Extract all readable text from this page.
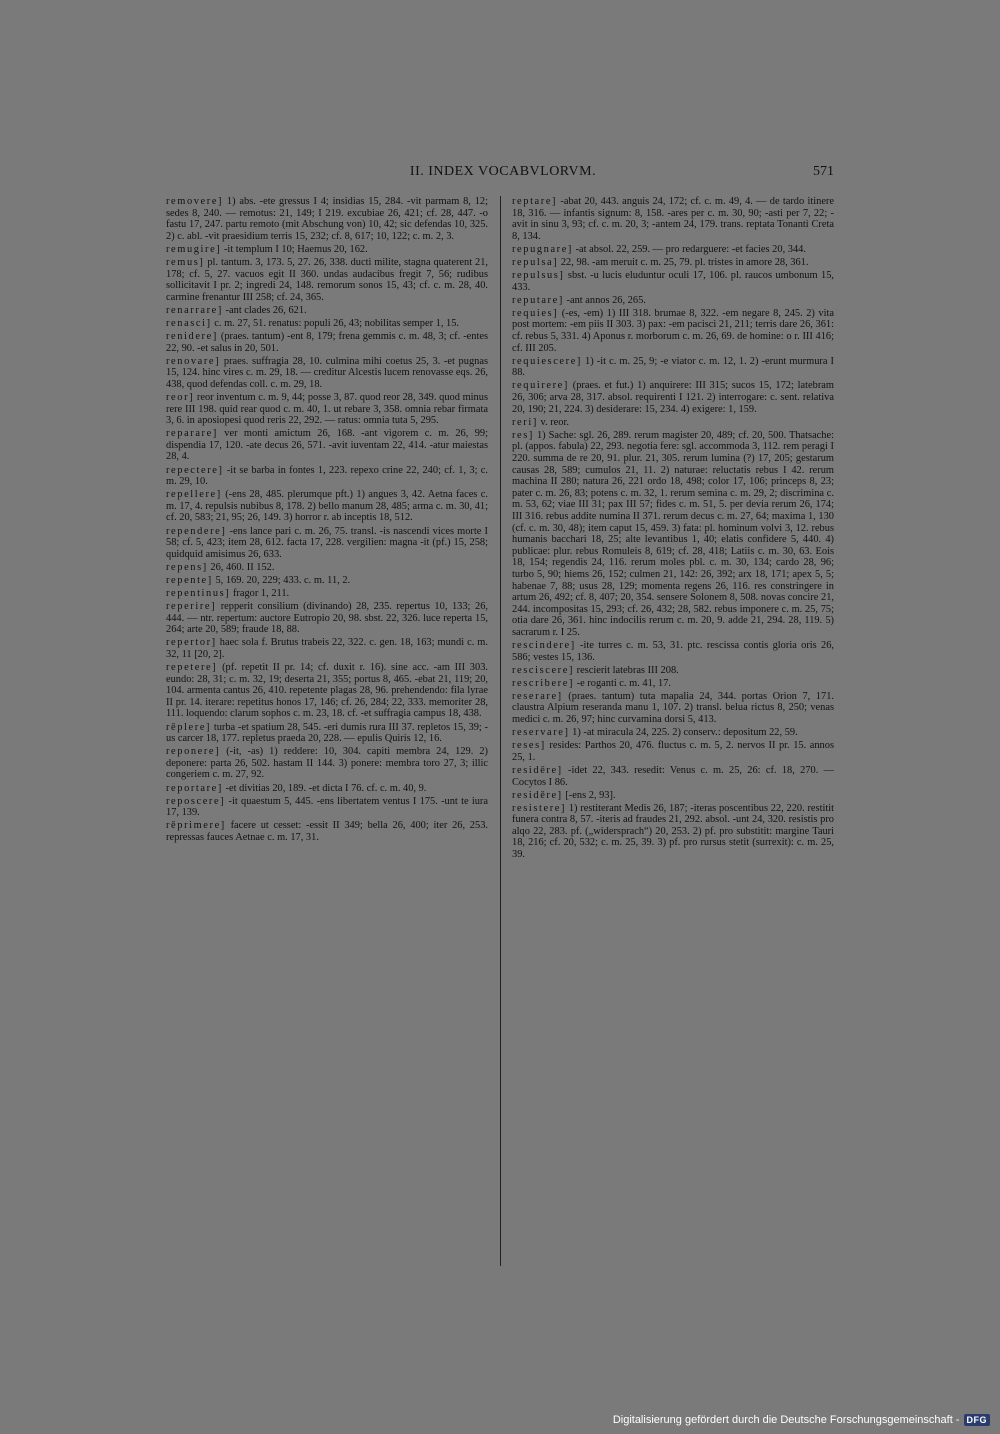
II. INDEX VOCABVLORVM.	571

removere] 1) abs. -ete gressus I 4; insidias 15, 284. -vit parmam 8, 12; sedes 8, 240. — remotus: 21, 149; I 219. excubiae 26, 421; cf. 28, 447. -o fastu 17, 247. partu remoto (mit Abschung von) 10, 42; sic defendas 10, 325. 2) c. abl. -vit praesidium terris 15, 232; cf. 8, 617; 10, 122; c. m. 2, 3.

remugire] -it templum I 10; Haemus 20, 162.

remus] pl. tantum. 3, 173. 5, 27. 26, 338. ducti milite, stagna quaterent 21, 178; cf. 5, 27. vacuos egit II 360. undas audacibus fregit 7, 56; rudibus sollicitavit I pr. 2; ingredi 24, 148. remorum sonos 15, 43; cf. c. m. 28, 40. carmine frenantur III 258; cf. 24, 365.

renarrare] -ant clades 26, 621.

renasci] c. m. 27, 51. renatus: populi 26, 43; nobilitas semper 1, 15.

renidere] (praes. tantum) -ent 8, 179; frena gemmis c. m. 48, 3; cf. -entes 22, 90. -et salus in 20, 501.

renovare] praes. suffragia 28, 10. culmina mihi coetus 25, 3. -et pugnas 15, 124. hinc vires c. m. 29, 18. — creditur Alcestis lucem renovasse eqs. 26, 438, quod defendas coll. c. m. 29, 18.

reor] reor inventum c. m. 9, 44; posse 3, 87. quod reor 28, 349. quod minus rere III 198. quid rear quod c. m. 40, 1. ut rebare 3, 358. omnia rebar firmata 3, 6. in aposiopesi quod reris 22, 292. — ratus: omnia tuta 5, 295.

reparare] ver monti amictum 26, 168. -ant vigorem c. m. 26, 99; dispendia 17, 120. -ate decus 26, 571. -avit iuventam 22, 414. -atur maiestas 28, 4.

repectere] -it se barba in fontes 1, 223. repexo crine 22, 240; cf. 1, 3; c. m. 29, 10.

repellere] (-ens 28, 485. plerumque pft.) 1) angues 3, 42. Aetna faces c. m. 17, 4. repulsis nubibus 8, 178. 2) bello manum 28, 485; arma c. m. 30, 41; cf. 20, 583; 21, 95; 26, 149. 3) horror r. ab inceptis 18, 512.

rependere] -ens lance pari c. m. 26, 75. transl. -is nascendi vices morte I 58; cf. 5, 423; item 28, 612. facta 17, 228. vergilien: magna -it (pf.) 15, 258; quidquid amisimus 26, 633.

repens] 26, 460. II 152.

repente] 5, 169. 20, 229; 433. c. m. 11, 2.

repentinus] fragor 1, 211.

reperire] repperit consilium (divinando) 28, 235. repertus 10, 133; 26, 444. — ntr. repertum: auctore Eutropio 20, 98. sbst. 22, 326. luce reperta 15, 264; arte 20, 589; fraude 18, 88.

repertor] haec sola f. Brutus trabeis 22, 322. c. gen. 18, 163; mundi c. m. 32, 11 [20, 2].

repetere] (pf. repetit II pr. 14; cf. duxit r. 16). sine acc. -am III 303. eundo: 28, 31; c. m. 32, 19; deserta 21, 355; portus 8, 465. -ebat 21, 119; 20, 104. armenta cantus 26, 410. repetente plagas 28, 96. prehendendo: fila lyrae II pr. 14. iterare: repetitus honos 17, 146; cf. 26, 284; 22, 333. memoriter 28, 111. loquendo: clarum sophos c. m. 23, 18. cf. -et suffragia campus 18, 438.

rēplere] turba -et spatium 28, 545. -eri dumis rura III 37. repletos 15, 39; -us carcer 18, 177. repletus praeda 20, 228. — epulis Quiris 12, 16.

reponere] (-it, -as) 1) reddere: 10, 304. capiti membra 24, 129. 2) deponere: parta 26, 502. hastam II 144. 3) ponere: membra toro 27, 3; illic congeriem c. m. 27, 92.

reportare] -et divitias 20, 189. -et dicta I 76. cf. c. m. 40, 9.

reposcere] -it quaestum 5, 445. -ens libertatem ventus I 175. -unt te iura 17, 139.

rěprimere] facere ut cesset: -essit II 349; bella 26, 400; iter 26, 253. repressas fauces Aetnae c. m. 17, 31.

reptare] -abat 20, 443. anguis 24, 172; cf. c. m. 49, 4. — de tardo itinere 18, 316. — infantis signum: 8, 158. -ares per c. m. 30, 90; -asti per 7, 22; -avit in sinu 3, 93; cf. c. m. 20, 3; -antem 24, 179. trans. reptata Tonanti Creta 8, 134.

repugnare] -at absol. 22, 259. — pro redarguere: -et facies 20, 344.

repulsa] 22, 98. -am meruit c. m. 25, 79. pl. tristes in amore 28, 361.

repulsus] sbst. -u lucis eluduntur oculi 17, 106. pl. raucos umbonum 15, 433.

reputare] -ant annos 26, 265.

requies] (-es, -em) 1) III 318. brumae 8, 322. -em negare 8, 245. 2) vita post mortem: -em piis II 303. 3) pax: -em pacisci 21, 211; terris dare 26, 361: cf. rebus 5, 331. 4) Aponus r. morborum c. m. 26, 69. de homine: o r. III 416; cf. III 205.

requiescere] 1) -it c. m. 25, 9; -e viator c. m. 12, 1. 2) -erunt murmura I 88.

requirere] (praes. et fut.) 1) anquirere: III 315; sucos 15, 172; latebram 26, 306; arva 28, 317. absol. requirenti I 121. 2) interrogare: c. sent. relativa 20, 190; 21, 224. 3) desiderare: 15, 234. 4) exigere: 1, 159.

reri] v. reor.

res] 1) Sache: sgl. 26, 289. rerum magister 20, 489; cf. 20, 500. Thatsache: pl. (appos. fabula) 22, 293. negotia fere: sgl. accommoda 3, 112. rem peragi I 220. summa de re 20, 91. plur. 21, 305. rerum lumina (?) 17, 205; gestarum causas 28, 589; cumulos 21, 11. 2) naturae: reluctatis rebus I 42. rerum machina II 280; natura 26, 221 ordo 18, 498; color 17, 106; princeps 8, 23; pater c. m. 26, 83; potens c. m. 32, 1. rerum semina c. m. 29, 2; discrimina c. m. 53, 62; viae III 31; pax III 57; fides c. m. 51, 5. per devia rerum 26, 174; III 316. rebus addite numina II 371. rerum decus c. m. 27, 64; maxima 1, 130 (cf. c. m. 30, 48); item caput 15, 459. 3) fata: pl. hominum volvi 3, 12. rebus humanis bacchari 18, 25; alte levantibus 1, 40; elatis confidere 5, 440. 4) publicae: plur. rebus Romuleis 8, 619; cf. 28, 418; Latiis c. m. 30, 63. Eois 18, 154; regendis 24, 116. rerum moles pbl. c. m. 30, 134; cardo 28, 96; turbo 5, 90; hiems 26, 152; culmen 21, 142: 26, 392; arx 18, 171; apex 5, 5; habenae 7, 88; usus 28, 129; momenta regens 26, 116. res constringere in artum 26, 492; cf. 8, 407; 20, 354. sensere Solonem 8, 508. novas concire 21, 244. incompositas 15, 293; cf. 26, 432; 28, 582. rebus imponere c. m. 25, 75; otia dare 26, 361. hinc indocilis rerum c. m. 20, 9. adde 21, 294. 28, 119. 5) sacrarum r. I 25.

rescindere] -ite turres c. m. 53, 31. ptc. rescissa contis gloria oris 26, 586; vestes 15, 136.

resciscere] rescierit latebras III 208.

rescribere] -e roganti c. m. 41, 17.

reserare] (praes. tantum) tuta mapalia 24, 344. portas Orion 7, 171. claustra Alpium reseranda manu 1, 107. 2) transl. belua rictus 8, 250; venas medici c. m. 26, 97; hinc curvamina dorsi 5, 413.

reservare] 1) -at miracula 24, 225. 2) conserv.: depositum 22, 59.

reses] resides: Parthos 20, 476. fluctus c. m. 5, 2. nervos II pr. 15. annos 25, 1.

residēre] -idet 22, 343. resedit: Venus c. m. 25, 26: cf. 18, 270. — Cocytos I 86.

residěre] [-ens 2, 93].

resistere] 1) restiterant Medis 26, 187; -iteras poscentibus 22, 220. restitit funera contra 8, 57. -iteris ad fraudes 21, 292. absol. -unt 24, 320. resistis pro alqo 22, 283. pf. („widersprach“) 20, 253. 2) pf. pro substitit: margine Tauri 18, 216; cf. 20, 532; c. m. 25, 39. 3) pf. pro rursus stetit (surrexit): c. m. 25, 39.

Digitalisierung gefördert durch die Deutsche Forschungsgemeinschaft - DFG
